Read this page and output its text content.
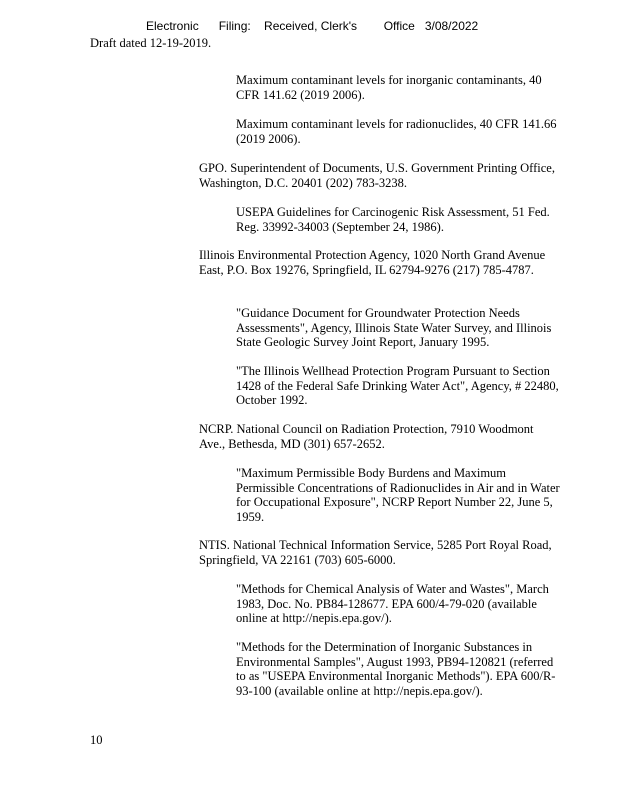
Electronic      Filing:    Received, Clerk's        Office   3/08/2022
Draft dated 12-19-2019.
Maximum contaminant levels for inorganic contaminants, 40 CFR 141.62 (2019 2006).
Maximum contaminant levels for radionuclides, 40 CFR 141.66 (2019 2006).
GPO. Superintendent of Documents, U.S. Government Printing Office, Washington, D.C. 20401 (202) 783-3238.
USEPA Guidelines for Carcinogenic Risk Assessment, 51 Fed. Reg. 33992-34003 (September 24, 1986).
Illinois Environmental Protection Agency, 1020 North Grand Avenue East, P.O. Box 19276, Springfield, IL 62794-9276 (217) 785-4787.
"Guidance Document for Groundwater Protection Needs Assessments", Agency, Illinois State Water Survey, and Illinois State Geologic Survey Joint Report, January 1995.
"The Illinois Wellhead Protection Program Pursuant to Section 1428 of the Federal Safe Drinking Water Act", Agency, # 22480, October 1992.
NCRP. National Council on Radiation Protection, 7910 Woodmont Ave., Bethesda, MD (301) 657-2652.
"Maximum Permissible Body Burdens and Maximum Permissible Concentrations of Radionuclides in Air and in Water for Occupational Exposure", NCRP Report Number 22, June 5, 1959.
NTIS. National Technical Information Service, 5285 Port Royal Road, Springfield, VA 22161 (703) 605-6000.
"Methods for Chemical Analysis of Water and Wastes", March 1983, Doc. No. PB84-128677. EPA 600/4-79-020 (available online at http://nepis.epa.gov/).
"Methods for the Determination of Inorganic Substances in Environmental Samples", August 1993, PB94-120821 (referred to as "USEPA Environmental Inorganic Methods"). EPA 600/R-93-100 (available online at http://nepis.epa.gov/).
10
